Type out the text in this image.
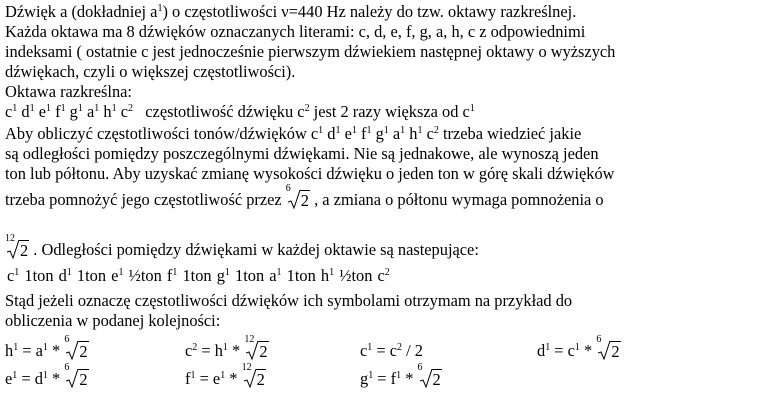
Dźwięk a (dokładniej $a^1$) o częstotliwości ν=440 Hz należy do tzw. oktawy razkreślnej.
Każda oktawa ma 8 dźwięków oznaczanych literami: c, d, e, f, g, a, h, c z odpowiednimi
indeksami ( ostatnie c jest jednocześnie pierwszym dźwiekiem następnej oktawy o wyższych
dźwiękach, czyli o większej częstotliwości).
Oktawa razkreślna:
$c^1$ $d^1$ $e^1$ $f^1$ $g^1$ $a^1$ $h^1$ $c^2$ częstotliwość dźwięku $c^2$ jest 2 razy większa od $c^1$
Aby obliczyć częstotliwości tonów/dźwięków $c^1$ $d^1$ $e^1$ $f^1$ $g^1$ $a^1$ $h^1$ $c^2$ trzeba wiedzieć jakie
są odległości pomiędzy poszczególnymi dźwiękami. Nie są jednakowe, ale wynoszą jeden
ton lub półtonu. Aby uzyskać zmianę wysokości dźwięku o jeden ton w górę skali dźwięków
trzeba pomnożyć jego częstotliwość przez
6
2 , a zmiana o półtonu wymaga pomnożenia o
12
2 . Odległości pomiędzy dźwiękami w każdej oktawie są nastepujące:
$c^1$ 1ton $d^1$ 1ton $e^1$ ½ton $f^1$ 1ton $g^1$ 1ton $a^1$ 1ton $h^1$ ½ton $c^2$
Stąd jeżeli oznaczę częstotliwości dźwięków ich symbolami otrzymam na przykład do
obliczenia w podanej kolejności:
$h^1 = a^1$ *
6
2	$c^2 = h^1$ *
12
2	$c^1 = c^2 / 2$	$d^1 = c^1$ *
6
2
$e^1 = d^1$ *
6
2	$f^1 = e^1$ *
12
2	$g^1 = f^1$ *
6
2
